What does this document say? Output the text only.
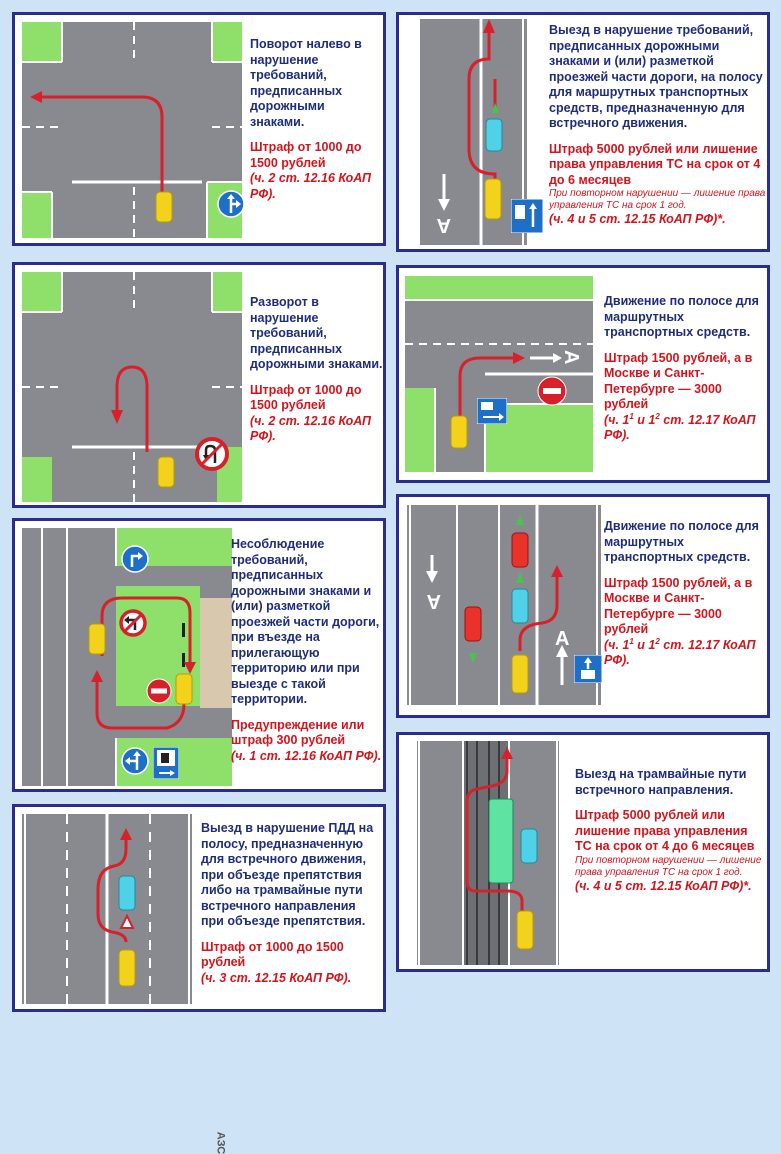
Поворот налево в нарушение требований, предписанных дорожными знаками.
Штраф от 1000 до 1500 рублей
(ч. 2 ст. 12.16 КоАП РФ).
А
Выезд в нарушение требований, предписанных дорожными знаками и (или) разметкой проезжей части дороги, на полосу для маршрутных транспортных средств, предназначенную для встречного движения.
Штраф 5000 рублей или лишение права управления ТС на срок от 4 до 6 месяцев
При повторном нарушении — лишение права управления ТС на срок 1 год.
(ч. 4 и 5 ст. 12.15 КоАП РФ)*.
Разворот в нарушение требований, предписанных дорожными знаками.
Штраф от 1000 до 1500 рублей
(ч. 2 ст. 12.16 КоАП РФ).
А
Движение по полосе для маршрутных транспортных средств.
Штраф 1500 рублей, а в Москве и Санкт-Петербурге — 3000 рублей
(ч. $1^1$ и $1^2$ ст. 12.17 КоАП РФ).
АЗС
Несоблюдение требований, предписанных дорожными знаками и (или) разметкой проезжей части дороги, при въезде на прилегающую территорию или при выезде с такой территории.
Предупреждение или штраф 300 рублей
(ч. 1 ст. 12.16 КоАП РФ).
А
А
Движение по полосе для маршрутных транспортных средств.
Штраф 1500 рублей, а в Москве и Санкт-Петербурге — 3000 рублей
(ч. $1^1$ и $1^2$ ст. 12.17 КоАП РФ).
Выезд в нарушение ПДД на полосу, предназначенную для встречного движения, при объезде препятствия либо на трамвайные пути встречного направления при объезде препятствия.
Штраф от 1000 до 1500 рублей
(ч. 3 ст. 12.15 КоАП РФ).
Выезд на трамвайные пути встречного направления.
Штраф 5000 рублей или лишение права управления ТС на срок от 4 до 6 месяцев
При повторном нарушении — лишение права управления ТС на срок 1 год.
(ч. 4 и 5 ст. 12.15 КоАП РФ)*.
